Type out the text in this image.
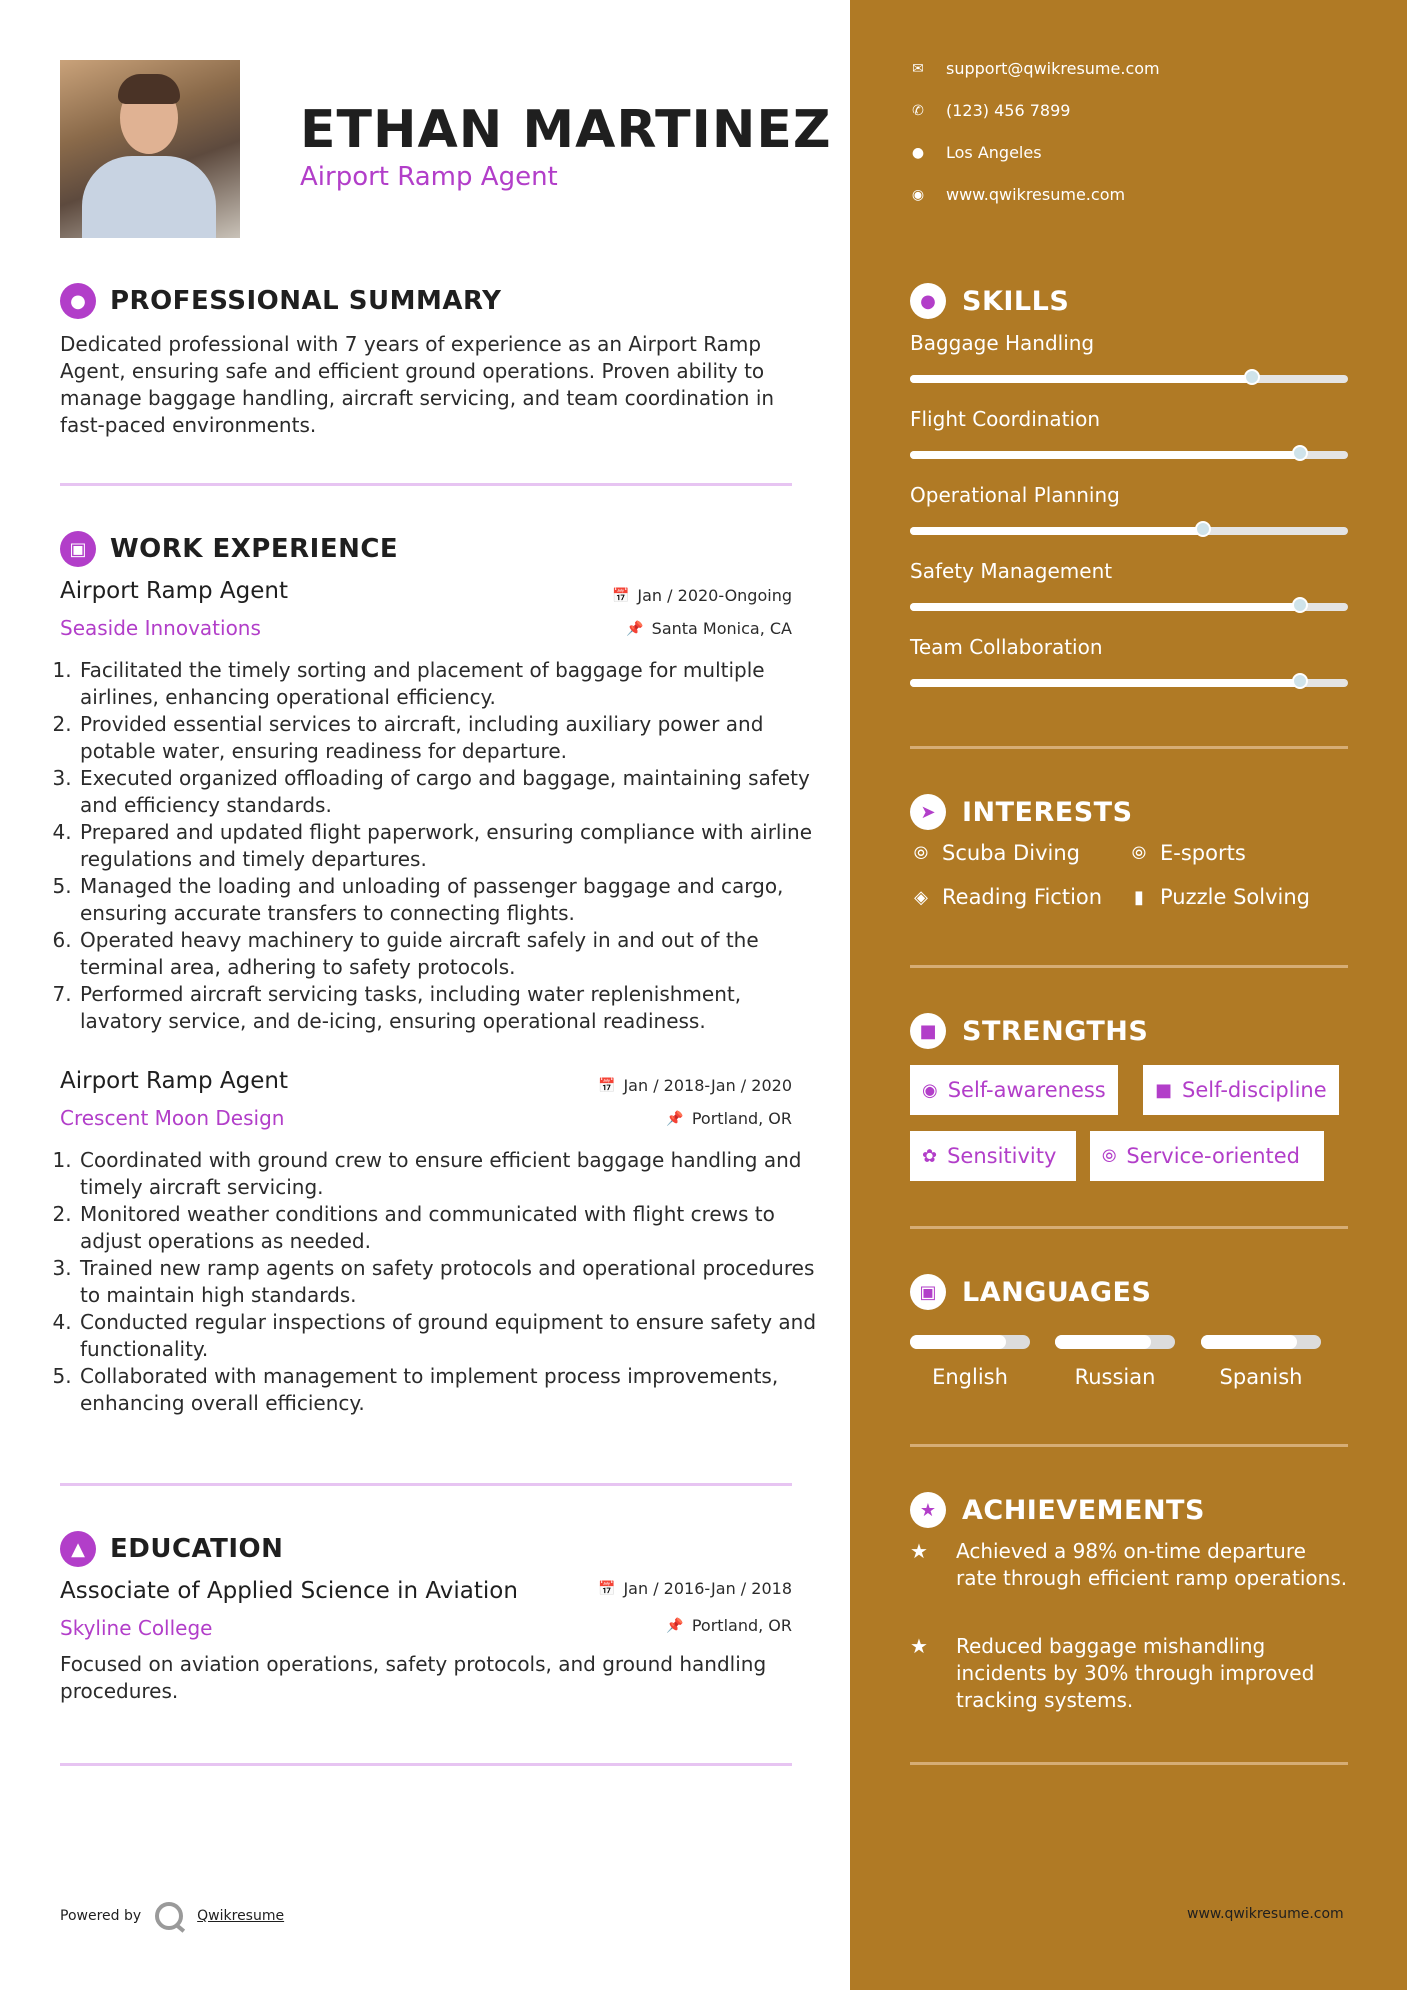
ETHAN MARTINEZ
Airport Ramp Agent
● PROFESSIONAL SUMMARY
Dedicated professional with 7 years of experience as an Airport Ramp Agent, ensuring safe and efficient ground operations. Proven ability to manage baggage handling, aircraft servicing, and team coordination in fast-paced environments.
▣ WORK EXPERIENCE
Airport Ramp Agent	📅 Jan / 2020-Ongoing
Seaside Innovations	📌 Santa Monica, CA
1. Facilitated the timely sorting and placement of baggage for multiple airlines, enhancing operational efficiency.
2. Provided essential services to aircraft, including auxiliary power and potable water, ensuring readiness for departure.
3. Executed organized offloading of cargo and baggage, maintaining safety and efficiency standards.
4. Prepared and updated flight paperwork, ensuring compliance with airline regulations and timely departures.
5. Managed the loading and unloading of passenger baggage and cargo, ensuring accurate transfers to connecting flights.
6. Operated heavy machinery to guide aircraft safely in and out of the terminal area, adhering to safety protocols.
7. Performed aircraft servicing tasks, including water replenishment, lavatory service, and de-icing, ensuring operational readiness.
Airport Ramp Agent	📅 Jan / 2018-Jan / 2020
Crescent Moon Design	📌 Portland, OR
1. Coordinated with ground crew to ensure efficient baggage handling and timely aircraft servicing.
2. Monitored weather conditions and communicated with flight crews to adjust operations as needed.
3. Trained new ramp agents on safety protocols and operational procedures to maintain high standards.
4. Conducted regular inspections of ground equipment to ensure safety and functionality.
5. Collaborated with management to implement process improvements, enhancing overall efficiency.
▲ EDUCATION
Associate of Applied Science in Aviation	📅 Jan / 2016-Jan / 2018
Skyline College	📌 Portland, OR
Focused on aviation operations, safety protocols, and ground handling procedures.
Powered by	Qwikresume
✉ support@qwikresume.com
✆ (123) 456 7899
● Los Angeles
◉ www.qwikresume.com
● SKILLS
Baggage Handling
Flight Coordination
Operational Planning
Safety Management
Team Collaboration
➤ INTERESTS
⦾ Scuba Diving	⦾ E-sports
◈ Reading Fiction	▮ Puzzle Solving
■ STRENGTHS
◉ Self-awareness	■ Self-discipline
✿ Sensitivity	⦾ Service-oriented
▣ LANGUAGES
English	Russian	Spanish
★ ACHIEVEMENTS
★	Achieved a 98% on-time departure rate through efficient ramp operations.
★	Reduced baggage mishandling incidents by 30% through improved tracking systems.
www.qwikresume.com
